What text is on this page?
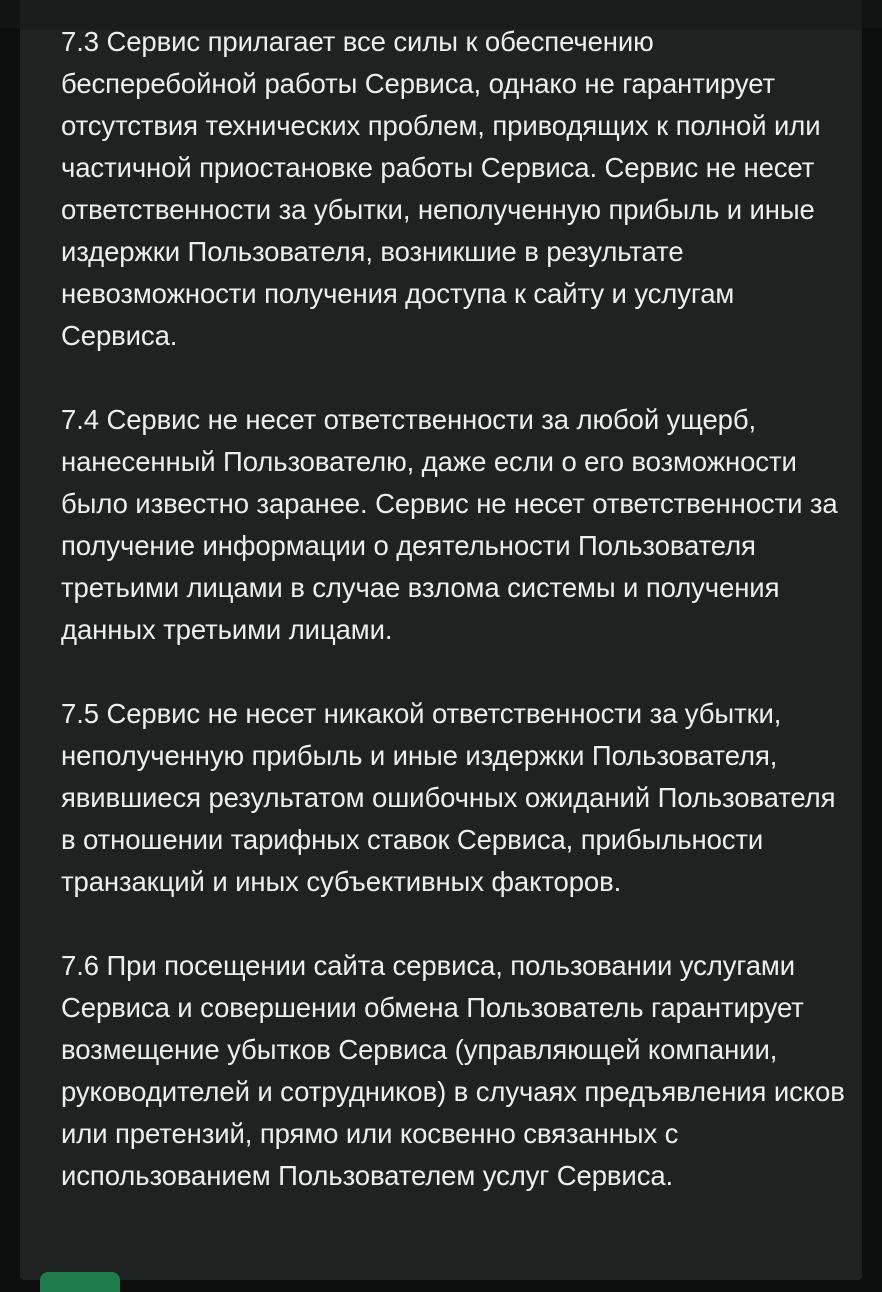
7.3 Сервис прилагает все силы к обеспечению бесперебойной работы Сервиса, однако не гарантирует отсутствия технических проблем, приводящих к полной или частичной приостановке работы Сервиса. Сервис не несет ответственности за убытки, неполученную прибыль и иные издержки Пользователя, возникшие в результате невозможности получения доступа к сайту и услугам Сервиса.

7.4 Сервис не несет ответственности за любой ущерб, нанесенный Пользователю, даже если о его возможности было известно заранее. Сервис не несет ответственности за получение информации о деятельности Пользователя третьими лицами в случае взлома системы и получения данных третьими лицами.

7.5 Сервис не несет никакой ответственности за убытки, неполученную прибыль и иные издержки Пользователя, явившиеся результатом ошибочных ожиданий Пользователя в отношении тарифных ставок Сервиса, прибыльности транзакций и иных субъективных факторов.

7.6 При посещении сайта сервиса, пользовании услугами Сервиса и совершении обмена Пользователь гарантирует возмещение убытков Сервиса (управляющей компании, руководителей и сотрудников) в случаях предъявления исков или претензий, прямо или косвенно связанных с использованием Пользователем услуг Сервиса.
